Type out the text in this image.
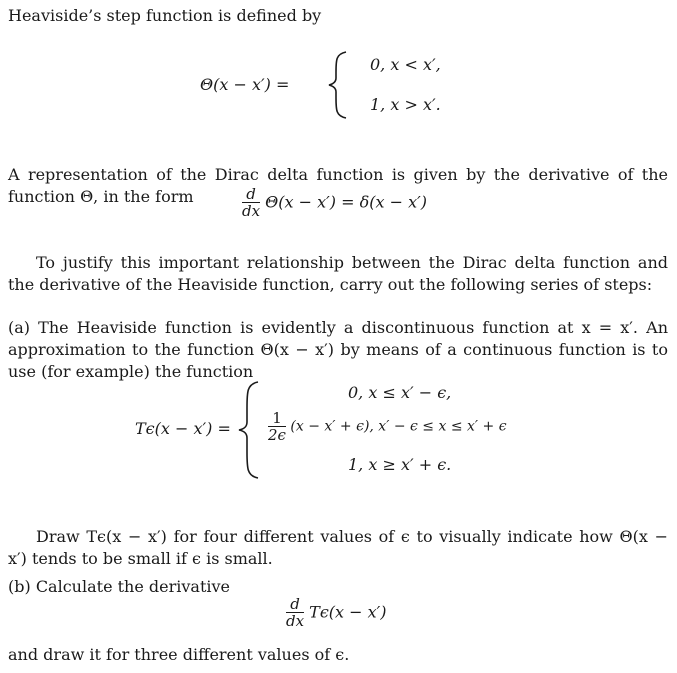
Heaviside’s step function is defined by

Θ(x − x′) =
0, x < x′,
1, x > x′.

A representation of the Dirac delta function is given by the derivative of the function Θ, in the form	$\frac{d}{dx} \Theta(x - x') = \delta(x - x')$

To justify this important relationship between the Dirac delta function and the derivative of the Heaviside function, carry out the following series of steps:

(a) The Heaviside function is evidently a discontinuous function at x = x′. An approximation to the function Θ(x − x′) by means of a continuous function is to use (for example) the function

Tϵ(x − x′) =
0, x ≤ x′ − ϵ,
$\frac{1}{2\epsilon} (x - x' + \epsilon)$, x′ − ϵ ≤ x ≤ x′ + ϵ
1, x ≥ x′ + ϵ.

Draw Tϵ(x − x′) for four different values of ϵ to visually indicate how Θ(x − x′) tends to be small if ϵ is small.

(b) Calculate the derivative

$\frac{d}{dx} T\epsilon(x - x')$

and draw it for three different values of ϵ.
